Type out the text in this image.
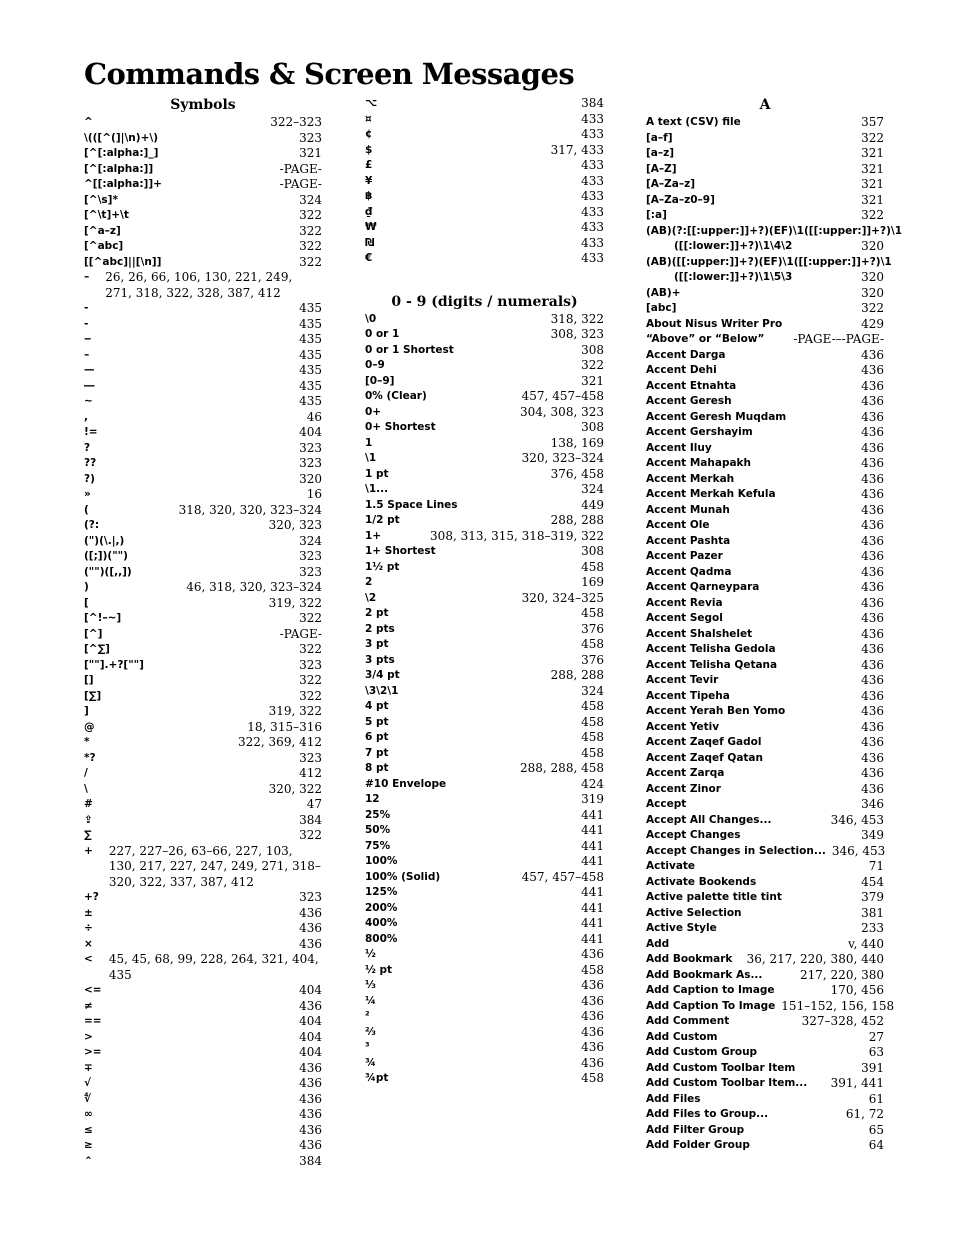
Commands & Screen Messages
Symbols
^	322–323
\(([^(]|\n)+\)	323
[^[:alpha:]_]	321
[^[:alpha:]]	-PAGE-
^[[:alpha:]]+	-PAGE-
[^\s]*	324
[^\t]+\t	322
[^a–z]	322
[^abc]	322
[[^abc]||[\n]]	322
–	26, 26, 66, 106, 130, 221, 249, 271, 318, 322, 328, 387, 412
-	435
‐	435
‒	435
–	435
—	435
―	435
∼	435
,	46
!=	404
?	323
??	323
?)	320
»	16
(	318, 320, 320, 323–324
(?:	320, 323
(")(\.|,)	324
([;])("")	323
("")([,,])	323
)	46, 318, 320, 323–324
[	319, 322
[^!–~]	322
[^]	-PAGE-
[^∑]	322
[""].+?[""]	323
[]	322
[∑]	322
]	319, 322
@	18, 315–316
*	322, 369, 412
*?	323
/	412
\	320, 322
#	47
⇪	384
∑	322
+	227, 227–26, 63–66, 227, 103, 130, 217, 227, 247, 249, 271, 318–320, 322, 337, 387, 412
+?	323
±	436
÷	436
×	436
<	45, 45, 68, 99, 228, 264, 321, 404, 435
<=	404
≠	436
==	404
>	404
>=	404
∓	436
√	436
∜	436
∞	436
≤	436
≥	436
⌃	384
⌥	384
¤	433
¢	433
$	317, 433
£	433
¥	433
฿	433
₫	433
₩	433
₪	433
€	433
0 - 9 (digits / numerals)
\0	318, 322
0 or 1	308, 323
0 or 1 Shortest	308
0–9	322
[0–9]	321
0% (Clear)	457, 457–458
0+	304, 308, 323
0+ Shortest	308
1	138, 169
\1	320, 323–324
1 pt	376, 458
\1...	324
1.5 Space Lines	449
1/2 pt	288, 288
1+	308, 313, 315, 318–319, 322
1+ Shortest	308
1½ pt	458
2	169
\2	320, 324–325
2 pt	458
2 pts	376
3 pt	458
3 pts	376
3/4 pt	288, 288
\3\2\1	324
4 pt	458
5 pt	458
6 pt	458
7 pt	458
8 pt	288, 288, 458
#10 Envelope	424
12	319
25%	441
50%	441
75%	441
100%	441
100% (Solid)	457, 457–458
125%	441
200%	441
400%	441
800%	441
½	436
½ pt	458
⅓	436
¼	436
²	436
⅔	436
³	436
¾	436
¾pt	458
A
A text (CSV) file	357
[a–f]	322
[a–z]	321
[A–Z]	321
[A–Za–z]	321
[A–Za–z0–9]	321
[:a]	322
(AB)(?:[[:upper:]]+?)(EF)\1([[:upper:]]+?)\1
([[:lower:]]+?)\1\4\2	320
(AB)([[:upper:]]+?)(EF)\1([[:upper:]]+?)\1
([[:lower:]]+?)\1\5\3	320
(AB)+	320
[abc]	322
About Nisus Writer Pro	429
“Above” or “Below”	-PAGE-–-PAGE-
Accent Darga	436
Accent Dehi	436
Accent Etnahta	436
Accent Geresh	436
Accent Geresh Muqdam	436
Accent Gershayim	436
Accent Iluy	436
Accent Mahapakh	436
Accent Merkah	436
Accent Merkah Kefula	436
Accent Munah	436
Accent Ole	436
Accent Pashta	436
Accent Pazer	436
Accent Qadma	436
Accent Qarneypara	436
Accent Revia	436
Accent Segol	436
Accent Shalshelet	436
Accent Telisha Gedola	436
Accent Telisha Qetana	436
Accent Tevir	436
Accent Tipeha	436
Accent Yerah Ben Yomo	436
Accent Yetiv	436
Accent Zaqef Gadol	436
Accent Zaqef Qatan	436
Accent Zarqa	436
Accent Zinor	436
Accept	346
Accept All Changes...	346, 453
Accept Changes	349
Accept Changes in Selection... 346, 453
Activate	71
Activate Bookends	454
Active palette title tint	379
Active Selection	381
Active Style	233
Add	v, 440
Add Bookmark	36, 217, 220, 380, 440
Add Bookmark As...	217, 220, 380
Add Caption to Image	170, 456
Add Caption To Image 151–152, 156, 158
Add Comment	327–328, 452
Add Custom	27
Add Custom Group	63
Add Custom Toolbar Item	391
Add Custom Toolbar Item...	391, 441
Add Files	61
Add Files to Group...	61, 72
Add Filter Group	65
Add Folder Group	64
